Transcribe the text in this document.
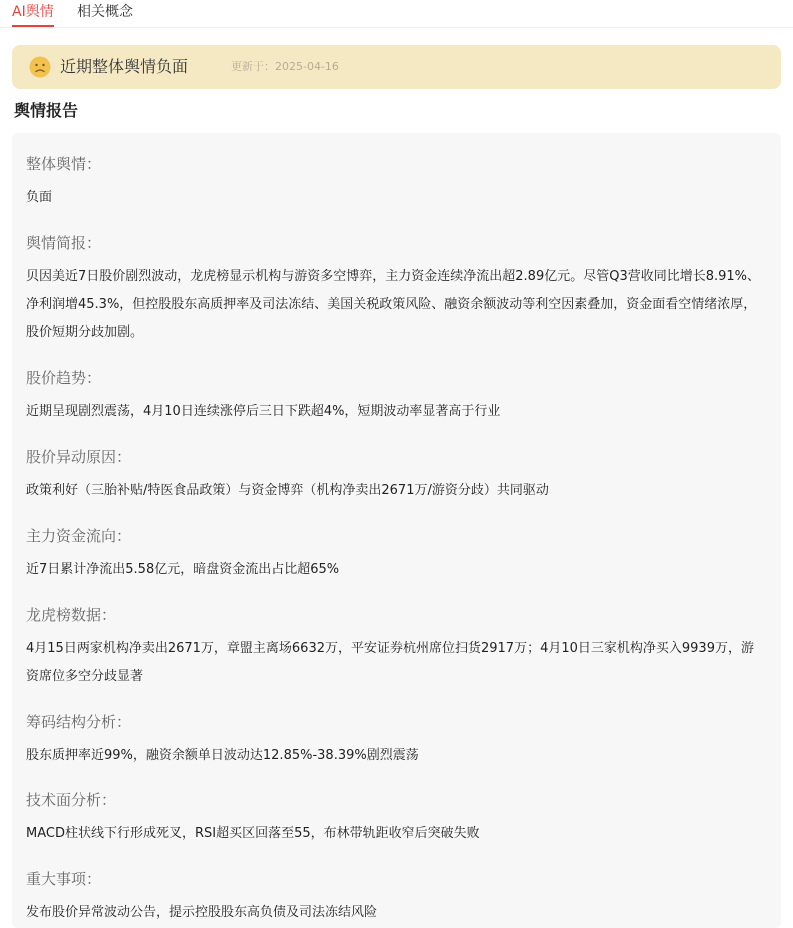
AI舆情 相关概念
近期整体舆情负面	更新于：2025-04-16
舆情报告
整体舆情：
负面
舆情简报：
贝因美近7日股价剧烈波动，龙虎榜显示机构与游资多空博弈，主力资金连续净流出超2.89亿元。尽管Q3营收同比增长8.91%、净利润增45.3%，但控股股东高质押率及司法冻结、美国关税政策风险、融资余额波动等利空因素叠加，资金面看空情绪浓厚，股价短期分歧加剧。
股价趋势：
近期呈现剧烈震荡，4月10日连续涨停后三日下跌超4%，短期波动率显著高于行业
股价异动原因：
政策利好（三胎补贴/特医食品政策）与资金博弈（机构净卖出2671万/游资分歧）共同驱动
主力资金流向：
近7日累计净流出5.58亿元，暗盘资金流出占比超65%
龙虎榜数据：
4月15日两家机构净卖出2671万，章盟主离场6632万，平安证券杭州席位扫货2917万；4月10日三家机构净买入9939万，游资席位多空分歧显著
筹码结构分析：
股东质押率近99%，融资余额单日波动达12.85%-38.39%剧烈震荡
技术面分析：
MACD柱状线下行形成死叉，RSI超买区回落至55，布林带轨距收窄后突破失败
重大事项：
发布股价异常波动公告，提示控股股东高负债及司法冻结风险
